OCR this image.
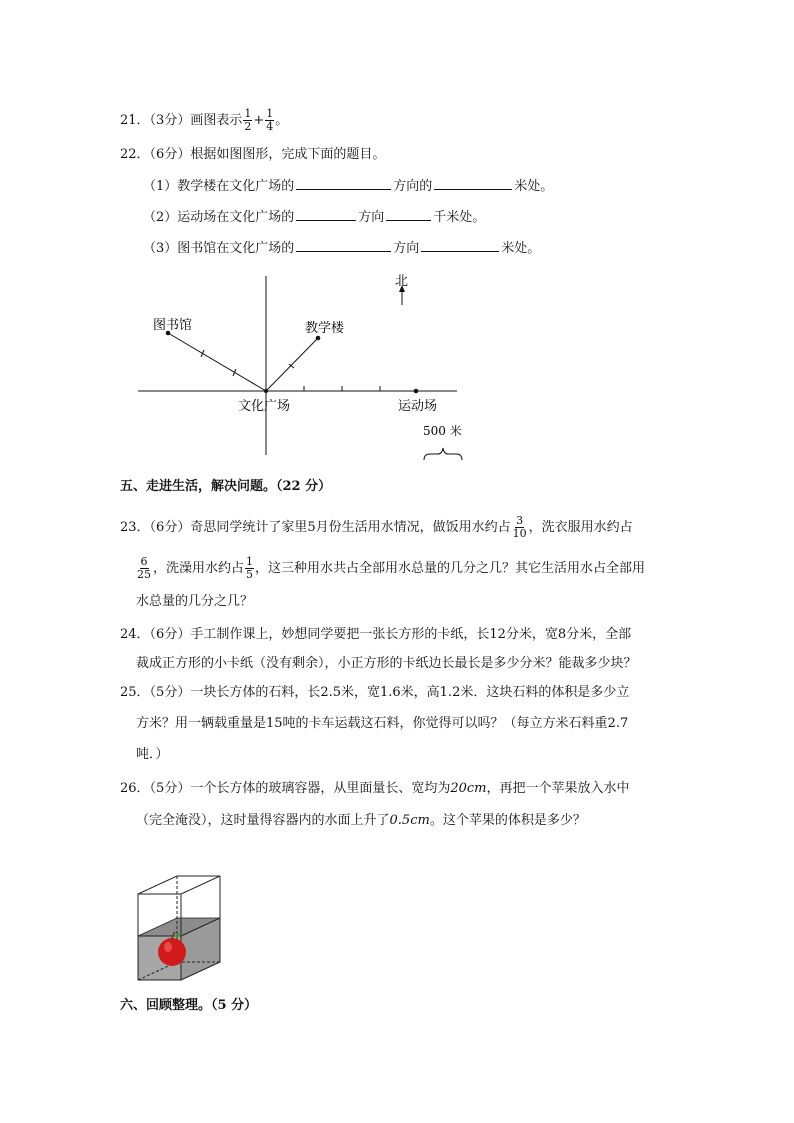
21．（3分）画图表示 $\frac{1}{2} + \frac{1}{4}$ 。
22．（6分）根据如图图形，完成下面的题目。
（1）教学楼在文化广场的	方向的	米处。
（2）运动场在文化广场的	方向	千米处。
（3）图书馆在文化广场的	方向	米处。
北
图书馆	教学楼
文化广场	运动场
500 米
五、走进生活，解决问题。（22 分）
23．（6分）奇思同学统计了家里5月份生活用水情况，做饭用水约占 $\frac{3}{10}$ ，洗衣服用水约占
$\frac{6}{25}$ ，洗澡用水约占 $\frac{1}{5}$ ，这三种用水共占全部用水总量的几分之几？其它生活用水占全部用
水总量的几分之几？
24．（6分）手工制作课上，妙想同学要把一张长方形的卡纸，长12分米，宽8分米，全部
裁成正方形的小卡纸（没有剩余），小正方形的卡纸边长最长是多少分米？能裁多少块？
25．（5分）一块长方体的石料，长2.5米，宽1.6米，高1.2米．这块石料的体积是多少立
方米？用一辆载重量是15吨的卡车运载这石料，你觉得可以吗？（每立方米石料重2.7
吨．）
26．（5分）一个长方体的玻璃容器，从里面量长、宽均为20cm，再把一个苹果放入水中
（完全淹没），这时量得容器内的水面上升了0.5cm。这个苹果的体积是多少？
六、回顾整理。（5 分）
